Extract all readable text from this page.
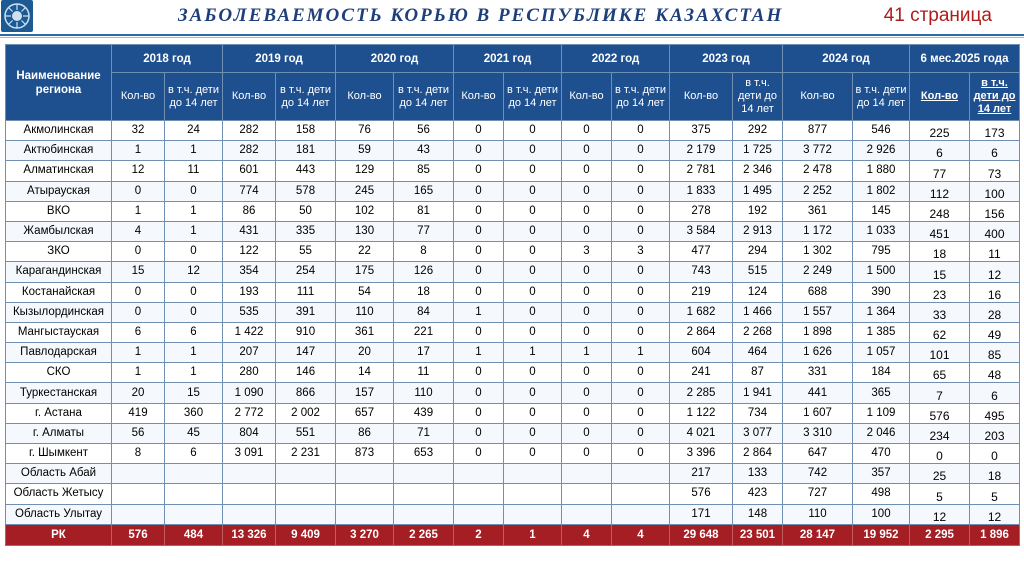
ЗАБОЛЕВАЕМОСТЬ КОРЬЮ В РЕСПУБЛИКЕ КАЗАХСТАН	41 страница
Наименование региона	2018 год		2019 год		2020 год		2021 год		2022 год		2023 год		2024 год		6 мес.2025 года	
	Кол-во	в т.ч. дети до 14 лет	Кол-во	в т.ч. дети до 14 лет	Кол-во	в т.ч. дети до 14 лет	Кол-во	в т.ч. дети до 14 лет	Кол-во	в т.ч. дети до 14 лет	Кол-во	в т.ч. дети до 14 лет	Кол-во	в т.ч. дети до 14 лет	Кол-во	в т.ч. дети до 14 лет
Акмолинская	32	24	282	158	76	56	0	0	0	0	375	292	877	546	225	173
Актюбинская	1	1	282	181	59	43	0	0	0	0	2 179	1 725	3 772	2 926	6	6
Алматинская	12	11	601	443	129	85	0	0	0	0	2 781	2 346	2 478	1 880	77	73
Атырауская	0	0	774	578	245	165	0	0	0	0	1 833	1 495	2 252	1 802	112	100
ВКО	1	1	86	50	102	81	0	0	0	0	278	192	361	145	248	156
Жамбылская	4	1	431	335	130	77	0	0	0	0	3 584	2 913	1 172	1 033	451	400
ЗКО	0	0	122	55	22	8	0	0	3	3	477	294	1 302	795	18	11
Карагандинская	15	12	354	254	175	126	0	0	0	0	743	515	2 249	1 500	15	12
Костанайская	0	0	193	111	54	18	0	0	0	0	219	124	688	390	23	16
Кызылординская	0	0	535	391	110	84	1	0	0	0	1 682	1 466	1 557	1 364	33	28
Мангыстауская	6	6	1 422	910	361	221	0	0	0	0	2 864	2 268	1 898	1 385	62	49
Павлодарская	1	1	207	147	20	17	1	1	1	1	604	464	1 626	1 057	101	85
СКО	1	1	280	146	14	11	0	0	0	0	241	87	331	184	65	48
Туркестанская	20	15	1 090	866	157	110	0	0	0	0	2 285	1 941	441	365	7	6
г. Астана	419	360	2 772	2 002	657	439	0	0	0	0	1 122	734	1 607	1 109	576	495
г. Алматы	56	45	804	551	86	71	0	0	0	0	4 021	3 077	3 310	2 046	234	203
г. Шымкент	8	6	3 091	2 231	873	653	0	0	0	0	3 396	2 864	647	470	0	0
Область Абай											217	133	742	357	25	18
Область Жетысу											576	423	727	498	5	5
Область Улытау											171	148	110	100	12	12
РК	576	484	13 326	9 409	3 270	2 265	2	1	4	4	29 648	23 501	28 147	19 952	2 295	1 896
